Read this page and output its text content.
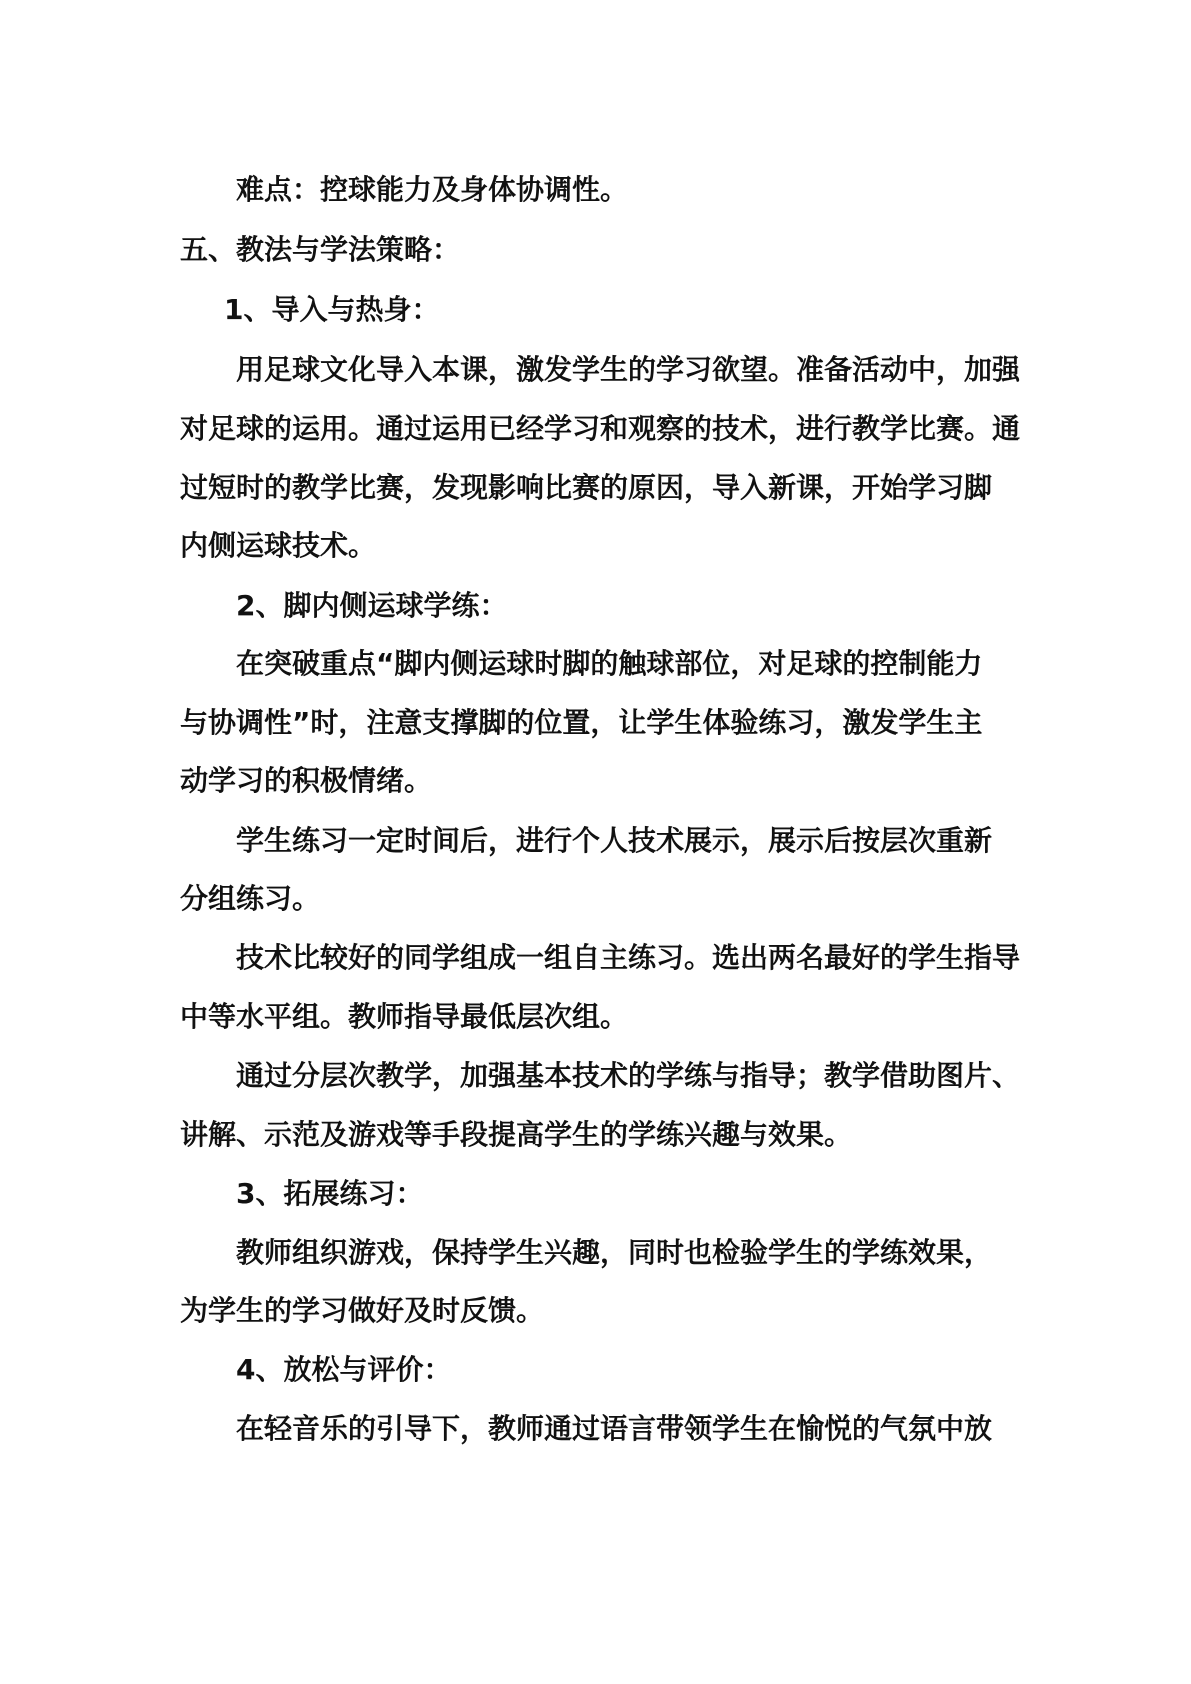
难点：控球能力及身体协调性。
五、教法与学法策略：
1、导入与热身：
用足球文化导入本课，激发学生的学习欲望。准备活动中，加强
对足球的运用。通过运用已经学习和观察的技术，进行教学比赛。通
过短时的教学比赛，发现影响比赛的原因，导入新课，开始学习脚
内侧运球技术。
2、脚内侧运球学练：
在突破重点“脚内侧运球时脚的触球部位，对足球的控制能力
与协调性”时，注意支撑脚的位置，让学生体验练习，激发学生主
动学习的积极情绪。
学生练习一定时间后，进行个人技术展示，展示后按层次重新
分组练习。
技术比较好的同学组成一组自主练习。选出两名最好的学生指导
中等水平组。教师指导最低层次组。
通过分层次教学，加强基本技术的学练与指导；教学借助图片、
讲解、示范及游戏等手段提高学生的学练兴趣与效果。
3、拓展练习：
教师组织游戏，保持学生兴趣，同时也检验学生的学练效果，
为学生的学习做好及时反馈。
4、放松与评价：
在轻音乐的引导下，教师通过语言带领学生在愉悦的气氛中放
